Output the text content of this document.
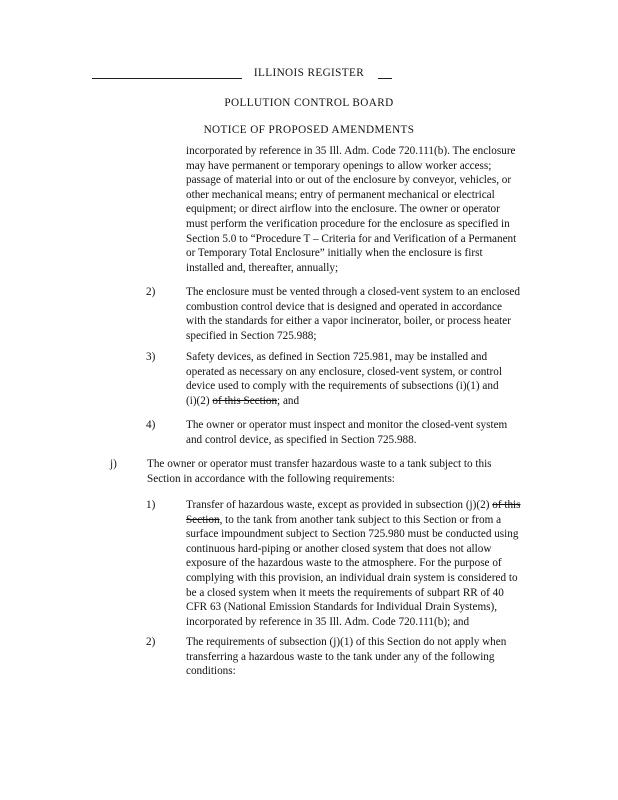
ILLINOIS REGISTER
POLLUTION CONTROL BOARD
NOTICE OF PROPOSED AMENDMENTS
incorporated by reference in 35 Ill. Adm. Code 720.111(b). The enclosure
may have permanent or temporary openings to allow worker access;
passage of material into or out of the enclosure by conveyor, vehicles, or
other mechanical means; entry of permanent mechanical or electrical
equipment; or direct airflow into the enclosure. The owner or operator
must perform the verification procedure for the enclosure as specified in
Section 5.0 to “Procedure T – Criteria for and Verification of a Permanent
or Temporary Total Enclosure” initially when the enclosure is first
installed and, thereafter, annually;
2)	The enclosure must be vented through a closed-vent system to an enclosed
combustion control device that is designed and operated in accordance
with the standards for either a vapor incinerator, boiler, or process heater
specified in Section 725.988;
3)	Safety devices, as defined in Section 725.981, may be installed and
operated as necessary on any enclosure, closed-vent system, or control
device used to comply with the requirements of subsections (i)(1) and
(i)(2) of this Section; and
4)	The owner or operator must inspect and monitor the closed-vent system
and control device, as specified in Section 725.988.
j)	The owner or operator must transfer hazardous waste to a tank subject to this
Section in accordance with the following requirements:
1)	Transfer of hazardous waste, except as provided in subsection (j)(2) of this
Section, to the tank from another tank subject to this Section or from a
surface impoundment subject to Section 725.980 must be conducted using
continuous hard-piping or another closed system that does not allow
exposure of the hazardous waste to the atmosphere. For the purpose of
complying with this provision, an individual drain system is considered to
be a closed system when it meets the requirements of subpart RR of 40
CFR 63 (National Emission Standards for Individual Drain Systems),
incorporated by reference in 35 Ill. Adm. Code 720.111(b); and
2)	The requirements of subsection (j)(1) of this Section do not apply when
transferring a hazardous waste to the tank under any of the following
conditions:
